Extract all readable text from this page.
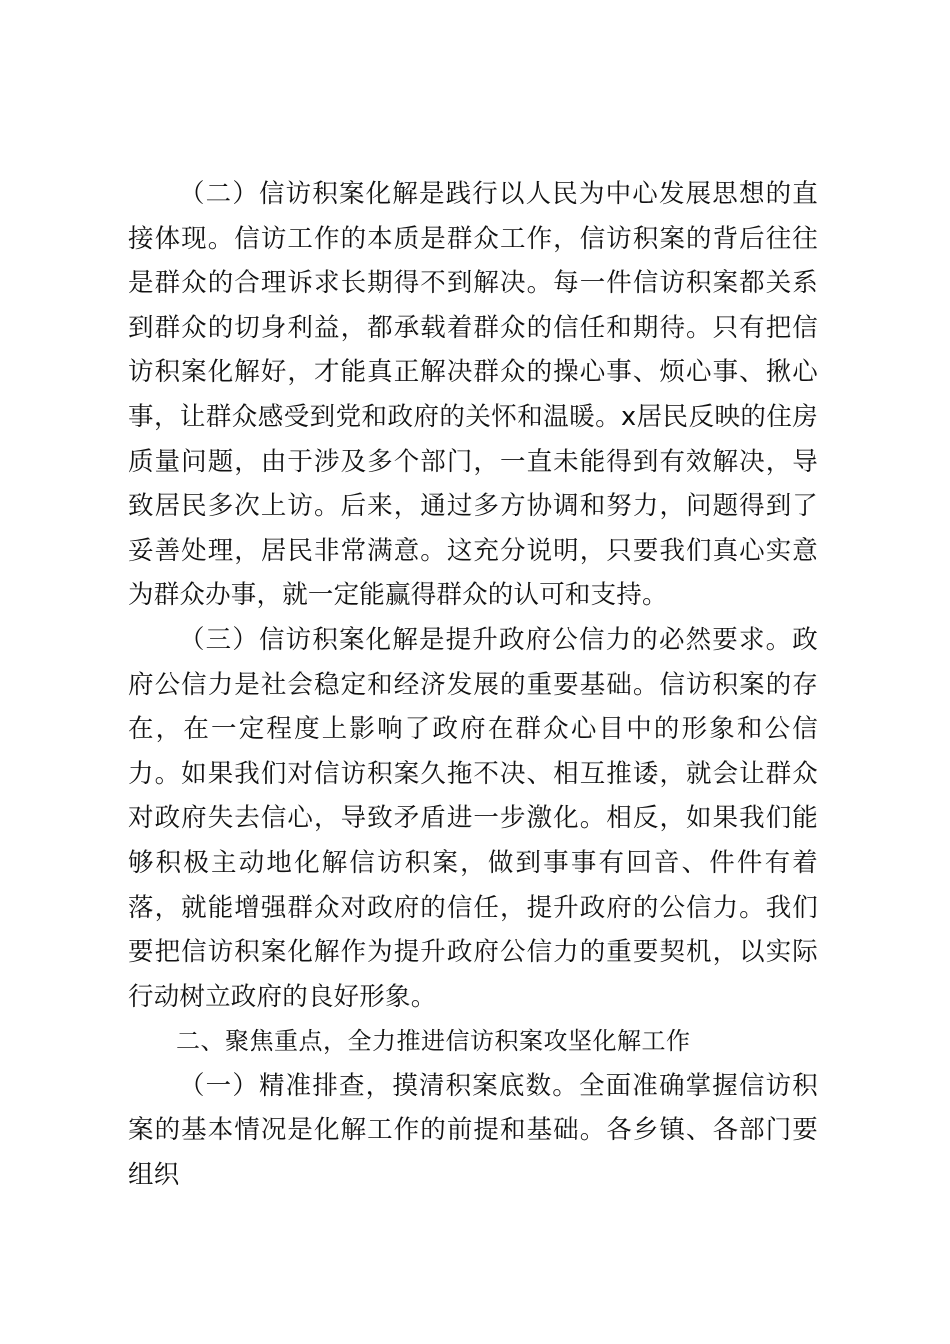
（二）信访积案化解是践行以人民为中心发展思想的直接体现。信访工作的本质是群众工作，信访积案的背后往往是群众的合理诉求长期得不到解决。每一件信访积案都关系到群众的切身利益，都承载着群众的信任和期待。只有把信访积案化解好，才能真正解决群众的操心事、烦心事、揪心事，让群众感受到党和政府的关怀和温暖。x居民反映的住房质量问题，由于涉及多个部门，一直未能得到有效解决，导致居民多次上访。后来，通过多方协调和努力，问题得到了妥善处理，居民非常满意。这充分说明，只要我们真心实意为群众办事，就一定能赢得群众的认可和支持。

（三）信访积案化解是提升政府公信力的必然要求。政府公信力是社会稳定和经济发展的重要基础。信访积案的存在，在一定程度上影响了政府在群众心目中的形象和公信力。如果我们对信访积案久拖不决、相互推诿，就会让群众对政府失去信心，导致矛盾进一步激化。相反，如果我们能够积极主动地化解信访积案，做到事事有回音、件件有着落，就能增强群众对政府的信任，提升政府的公信力。我们要把信访积案化解作为提升政府公信力的重要契机，以实际行动树立政府的良好形象。

二、聚焦重点，全力推进信访积案攻坚化解工作

（一）精准排查，摸清积案底数。全面准确掌握信访积案的基本情况是化解工作的前提和基础。各乡镇、各部门要组织
